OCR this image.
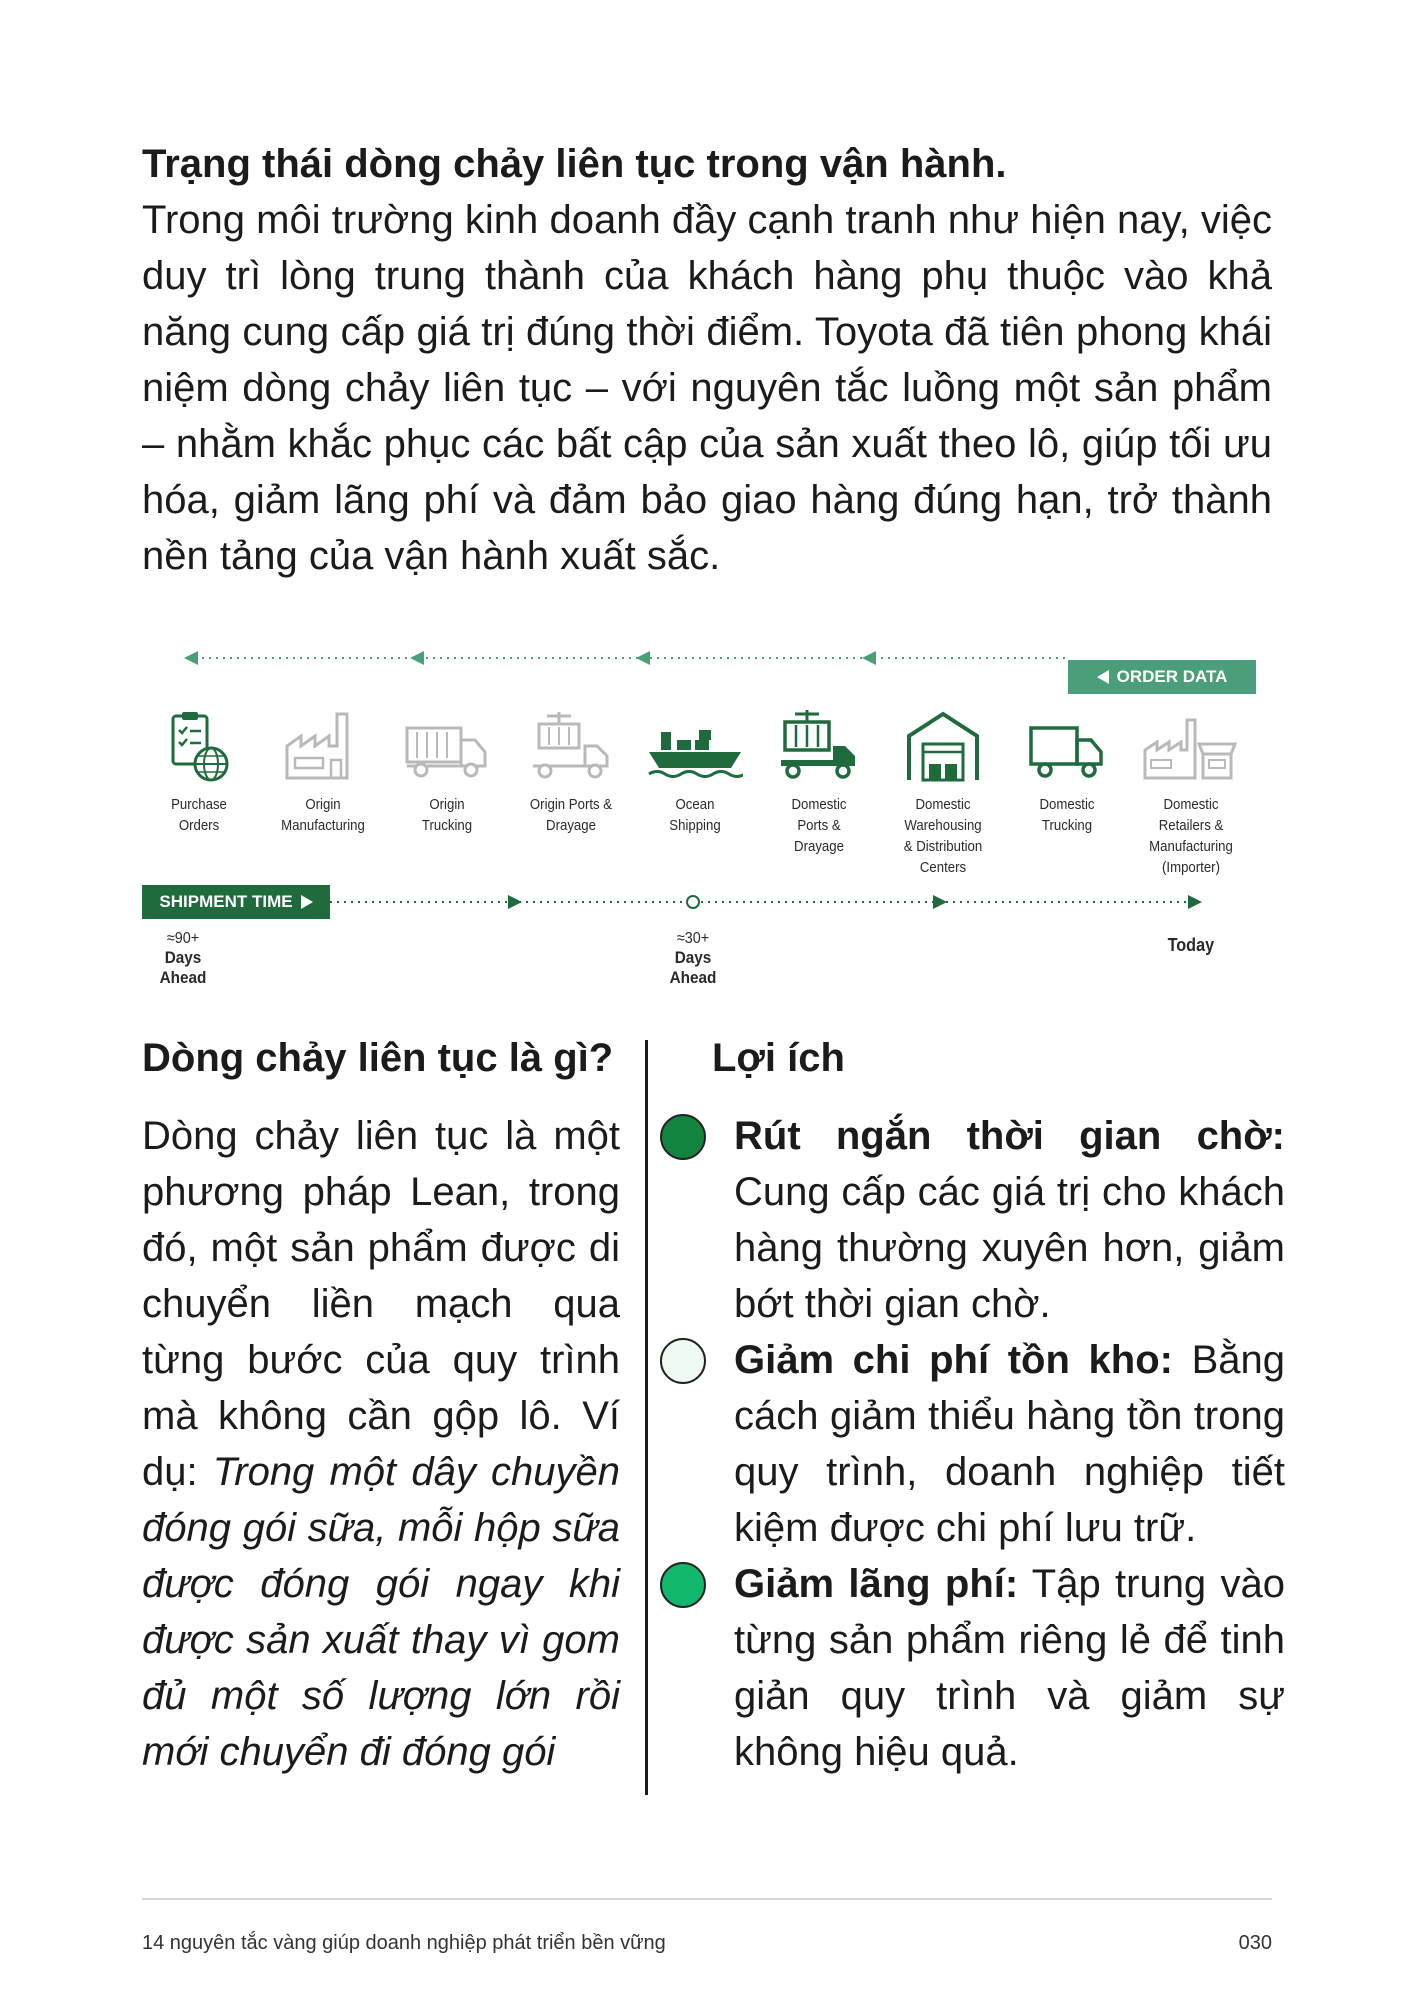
Trạng thái dòng chảy liên tục trong vận hành.

Trong môi trường kinh doanh đầy cạnh tranh như hiện nay, việc duy trì lòng trung thành của khách hàng phụ thuộc vào khả năng cung cấp giá trị đúng thời điểm. Toyota đã tiên phong khái niệm dòng chảy liên tục – với nguyên tắc luồng một sản phẩm – nhằm khắc phục các bất cập của sản xuất theo lô, giúp tối ưu hóa, giảm lãng phí và đảm bảo giao hàng đúng hạn, trở thành nền tảng của vận hành xuất sắc.

ORDER DATA
SHIPMENT TIME
Purchase
Orders
Origin
Manufacturing
Origin
Trucking
Origin Ports &
Drayage
Ocean
Shipping
Domestic
Ports &
Drayage
Domestic
Warehousing
& Distribution
Centers
Domestic
Trucking
Domestic
Retailers &
Manufacturing
(Importer)
≈90+
Days Ahead
≈30+
Days Ahead
Today
Dòng chảy liên tục là gì?

Dòng chảy liên tục là một phương pháp Lean, trong đó, một sản phẩm được di chuyển liền mạch qua từng bước của quy trình mà không cần gộp lô. Ví dụ: Trong một dây chuyền đóng gói sữa, mỗi hộp sữa được đóng gói ngay khi được sản xuất thay vì gom đủ một số lượng lớn rồi mới chuyển đi đóng gói

Lợi ích

Rút ngắn thời gian chờ: Cung cấp các giá trị cho khách hàng thường xuyên hơn, giảm bớt thời gian chờ.

Giảm chi phí tồn kho: Bằng cách giảm thiểu hàng tồn trong quy trình, doanh nghiệp tiết kiệm được chi phí lưu trữ.

Giảm lãng phí: Tập trung vào từng sản phẩm riêng lẻ để tinh giản quy trình và giảm sự không hiệu quả.

14 nguyên tắc vàng giúp doanh nghiệp phát triển bền vững	030
